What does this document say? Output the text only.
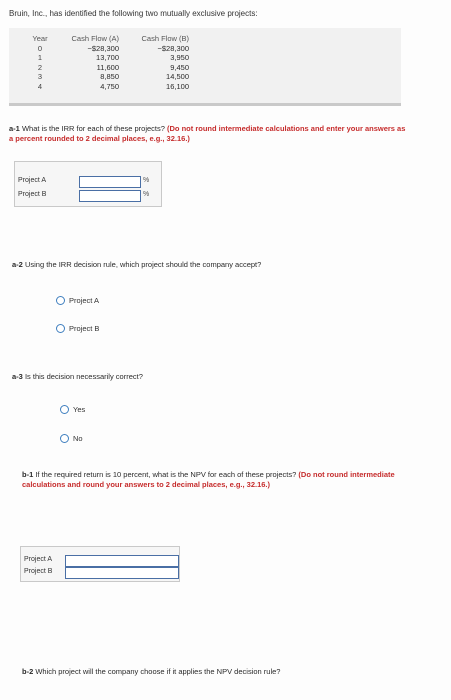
Bruin, Inc., has identified the following two mutually exclusive projects:
Year
0
1
2
3
4
Cash Flow (A)
−$28,300
13,700
11,600
8,850
4,750
Cash Flow (B)
−$28,300
3,950
9,450
14,500
16,100
a-1 What is the IRR for each of these projects? (Do not round intermediate calculations and enter your answers as a percent rounded to 2 decimal places, e.g., 32.16.)
Project A	%
Project B	%
a-2 Using the IRR decision rule, which project should the company accept?
Project A
Project B
a-3 Is this decision necessarily correct?
Yes
No
b-1 If the required return is 10 percent, what is the NPV for each of these projects? (Do not round intermediate calculations and round your answers to 2 decimal places, e.g., 32.16.)
Project A
Project B
b-2 Which project will the company choose if it applies the NPV decision rule?
